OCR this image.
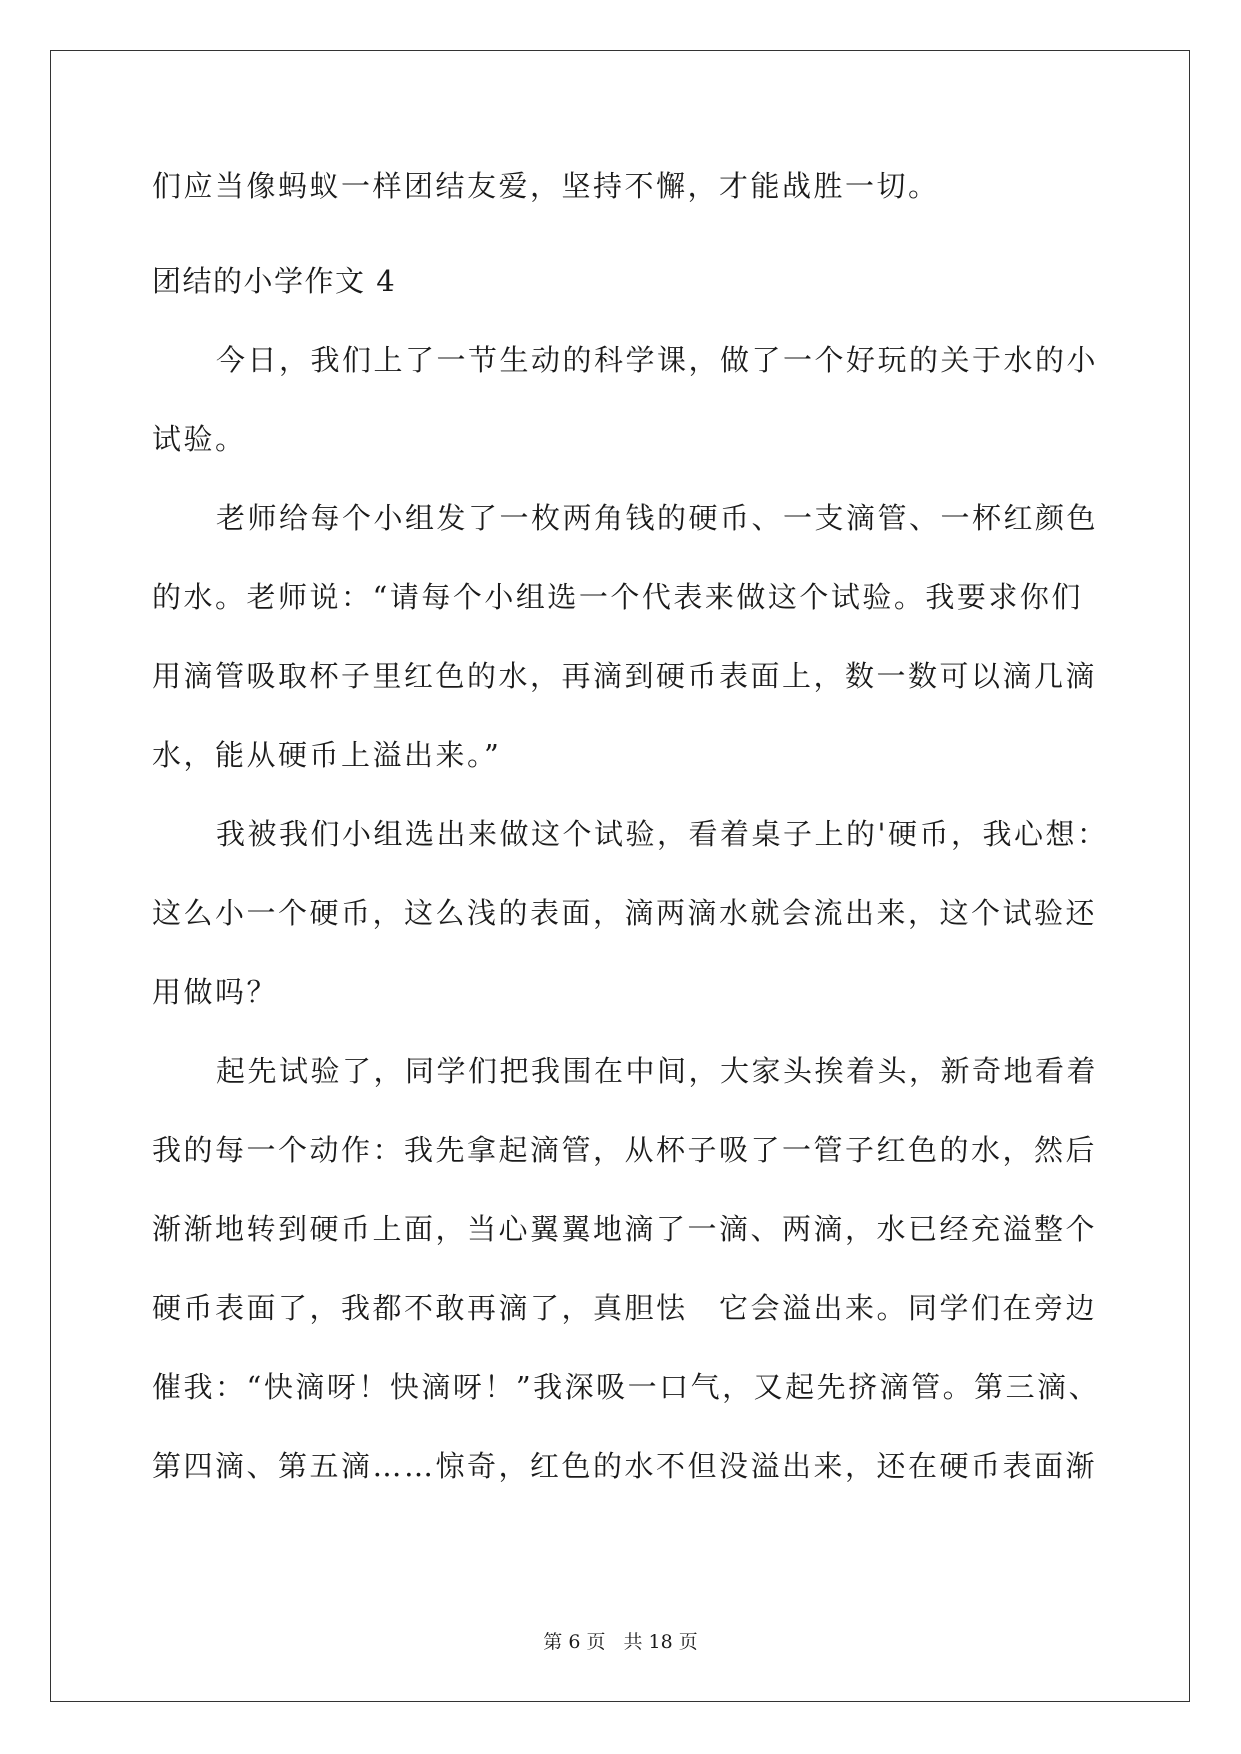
们应当像蚂蚁一样团结友爱，坚持不懈，才能战胜一切。
团结的小学作文 4
今日，我们上了一节生动的科学课，做了一个好玩的关于水的小
试验。
老师给每个小组发了一枚两角钱的硬币、一支滴管、一杯红颜色
的水。老师说：“请每个小组选一个代表来做这个试验。我要求你们
用滴管吸取杯子里红色的水，再滴到硬币表面上，数一数可以滴几滴
水，能从硬币上溢出来。”
我被我们小组选出来做这个试验，看着桌子上的'硬币，我心想：
这么小一个硬币，这么浅的表面，滴两滴水就会流出来，这个试验还
用做吗？
起先试验了，同学们把我围在中间，大家头挨着头，新奇地看着
我的每一个动作：我先拿起滴管，从杯子吸了一管子红色的水，然后
渐渐地转到硬币上面，当心翼翼地滴了一滴、两滴，水已经充溢整个
硬币表面了，我都不敢再滴了，真胆怯　它会溢出来。同学们在旁边
催我：“快滴呀！快滴呀！”我深吸一口气，又起先挤滴管。第三滴、
第四滴、第五滴……惊奇，红色的水不但没溢出来，还在硬币表面渐
第 6 页 共 18 页
